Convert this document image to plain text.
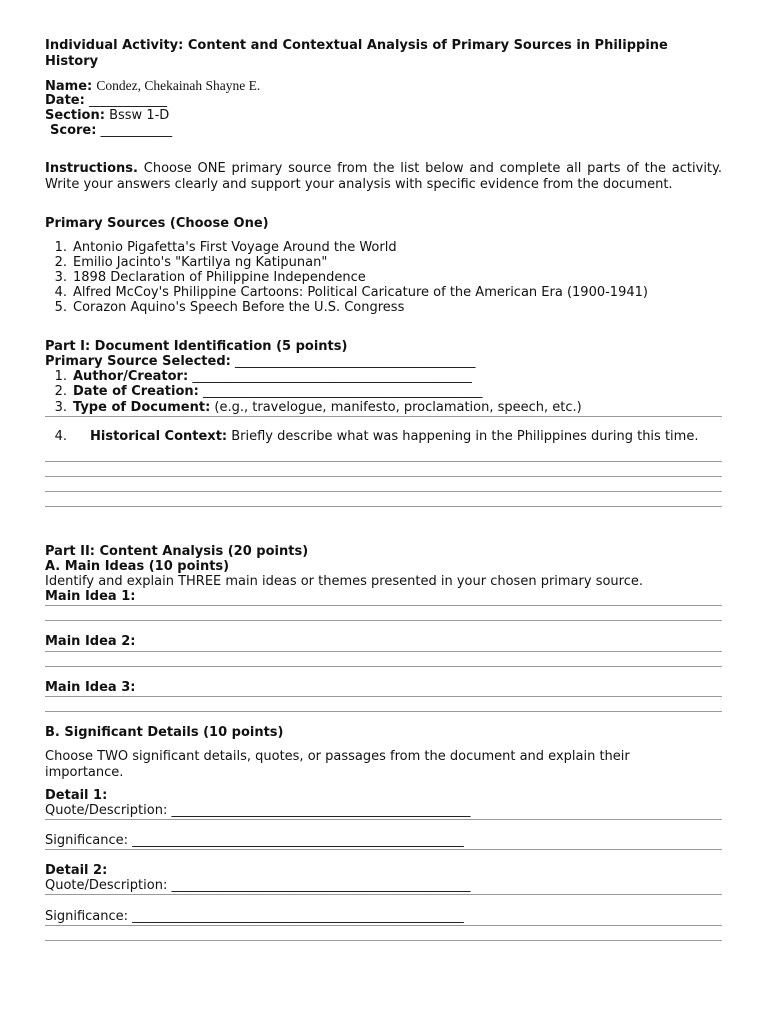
Individual Activity: Content and Contextual Analysis of Primary Sources in Philippine History
Name: Condez, Chekainah Shayne E.
Date: ____________
Section: Bssw 1-D
Score: ___________
Instructions. Choose ONE primary source from the list below and complete all parts of the activity. Write your answers clearly and support your analysis with specific evidence from the document.
Primary Sources (Choose One)
1. Antonio Pigafetta's First Voyage Around the World
2. Emilio Jacinto's "Kartilya ng Katipunan"
3. 1898 Declaration of Philippine Independence
4. Alfred McCoy's Philippine Cartoons: Political Caricature of the American Era (1900-1941)
5. Corazon Aquino's Speech Before the U.S. Congress
Part I: Document Identification (5 points)
Primary Source Selected: _____________________________________
1. Author/Creator: ___________________________________________
2. Date of Creation: ___________________________________________
3. Type of Document: (e.g., travelogue, manifesto, proclamation, speech, etc.)
4. Historical Context: Briefly describe what was happening in the Philippines during this time.
Part II: Content Analysis (20 points)
A. Main Ideas (10 points)
Identify and explain THREE main ideas or themes presented in your chosen primary source.
Main Idea 1:
Main Idea 2:
Main Idea 3:
B. Significant Details (10 points)
Choose TWO significant details, quotes, or passages from the document and explain their importance.
Detail 1:
Quote/Description: ______________________________________________
Significance: ___________________________________________________
Detail 2:
Quote/Description: ______________________________________________
Significance: ___________________________________________________
